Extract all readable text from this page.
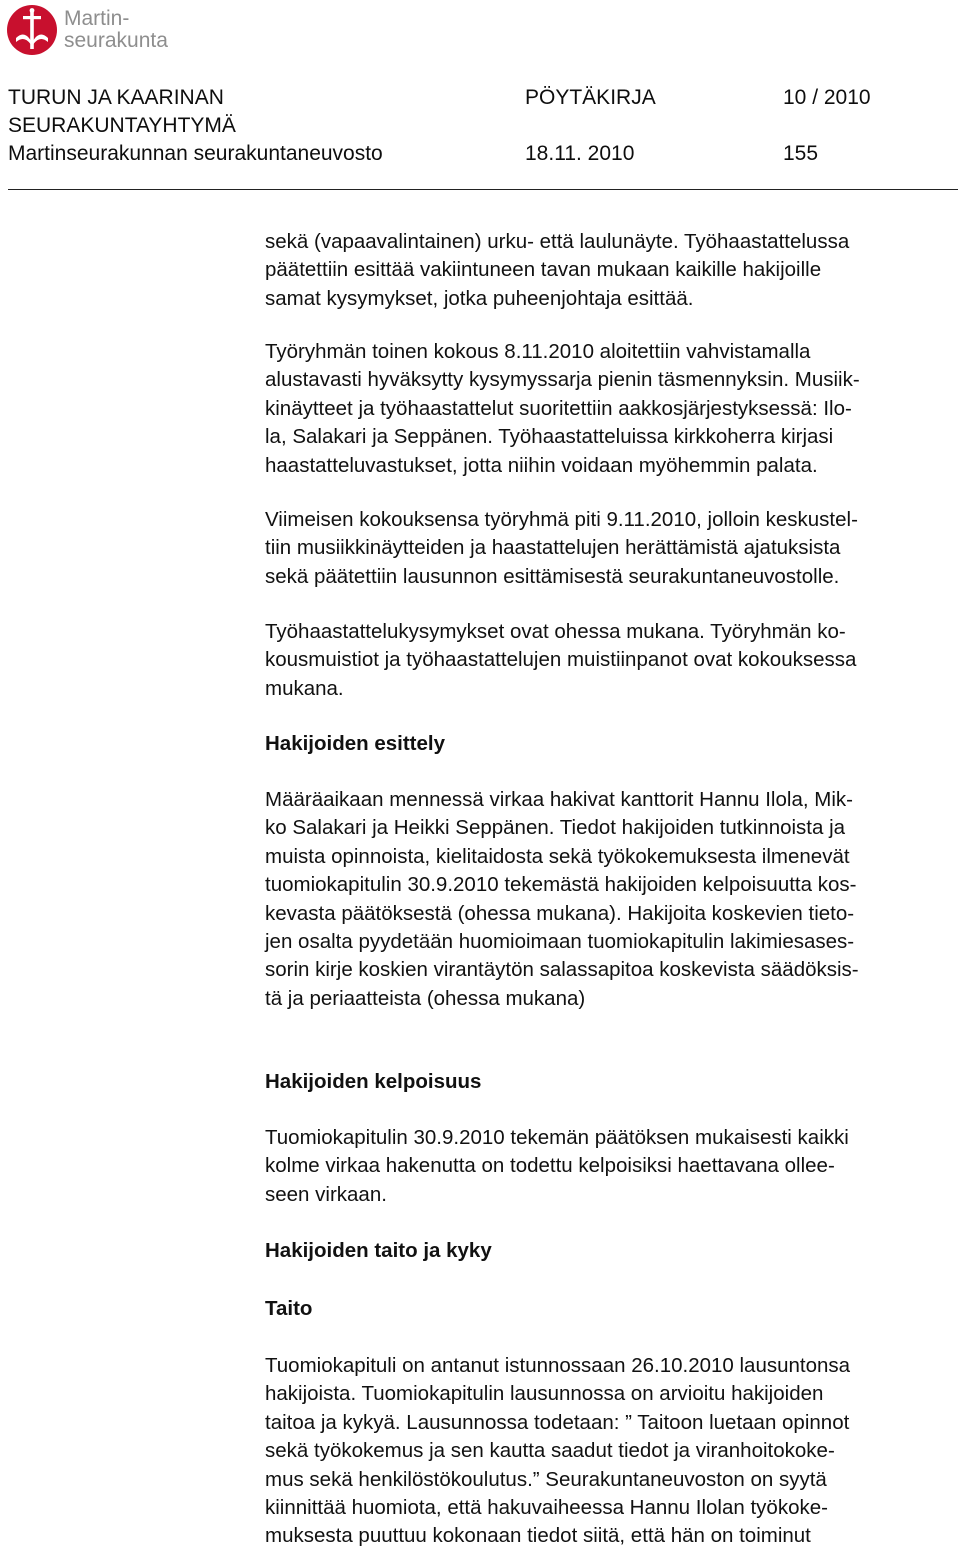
Martin-
seurakunta
TURUN JA KAARINAN
SEURAKUNTAYHTYMÄ
Martinseurakunnan seurakuntaneuvosto
PÖYTÄKIRJA
18.11. 2010
10 / 2010
155
sekä (vapaavalintainen) urku- että laulunäyte. Työhaastattelussa
päätettiin esittää vakiintuneen tavan mukaan kaikille hakijoille
samat kysymykset, jotka puheenjohtaja esittää.
Työryhmän toinen kokous 8.11.2010 aloitettiin vahvistamalla
alustavasti hyväksytty kysymyssarja pienin täsmennyksin. Musiik-
kinäytteet ja työhaastattelut suoritettiin aakkosjärjestyksessä: Ilo-
la, Salakari ja Seppänen. Työhaastatteluissa kirkkoherra kirjasi
haastatteluvastukset, jotta niihin voidaan myöhemmin palata.
Viimeisen kokouksensa työryhmä piti 9.11.2010, jolloin keskustel-
tiin musiikkinäytteiden ja haastattelujen herättämistä ajatuksista
sekä päätettiin lausunnon esittämisestä seurakuntaneuvostolle.
Työhaastattelukysymykset ovat ohessa mukana. Työryhmän ko-
kousmuistiot ja työhaastattelujen muistiinpanot ovat kokouksessa
mukana.
Hakijoiden esittely
Määräaikaan mennessä virkaa hakivat kanttorit Hannu Ilola, Mik-
ko Salakari ja Heikki Seppänen. Tiedot hakijoiden tutkinnoista ja
muista opinnoista, kielitaidosta sekä työkokemuksesta ilmenevät
tuomiokapitulin 30.9.2010 tekemästä hakijoiden kelpoisuutta kos-
kevasta päätöksestä (ohessa mukana). Hakijoita koskevien tieto-
jen osalta pyydetään huomioimaan tuomiokapitulin lakimiesases-
sorin kirje koskien virantäytön salassapitoa koskevista säädöksis-
tä ja periaatteista (ohessa mukana)
Hakijoiden kelpoisuus
Tuomiokapitulin 30.9.2010 tekemän päätöksen mukaisesti kaikki
kolme virkaa hakenutta on todettu kelpoisiksi haettavana ollee-
seen virkaan.
Hakijoiden taito ja kyky
Taito
Tuomiokapituli on antanut istunnossaan 26.10.2010 lausuntonsa
hakijoista. Tuomiokapitulin lausunnossa on arvioitu hakijoiden
taitoa ja kykyä. Lausunnossa todetaan: ” Taitoon luetaan opinnot
sekä työkokemus ja sen kautta saadut tiedot ja viranhoitokoke-
mus sekä henkilöstökoulutus.” Seurakuntaneuvoston on syytä
kiinnittää huomiota, että hakuvaiheessa Hannu Ilolan työkoke-
muksesta puuttuu kokonaan tiedot siitä, että hän on toiminut
